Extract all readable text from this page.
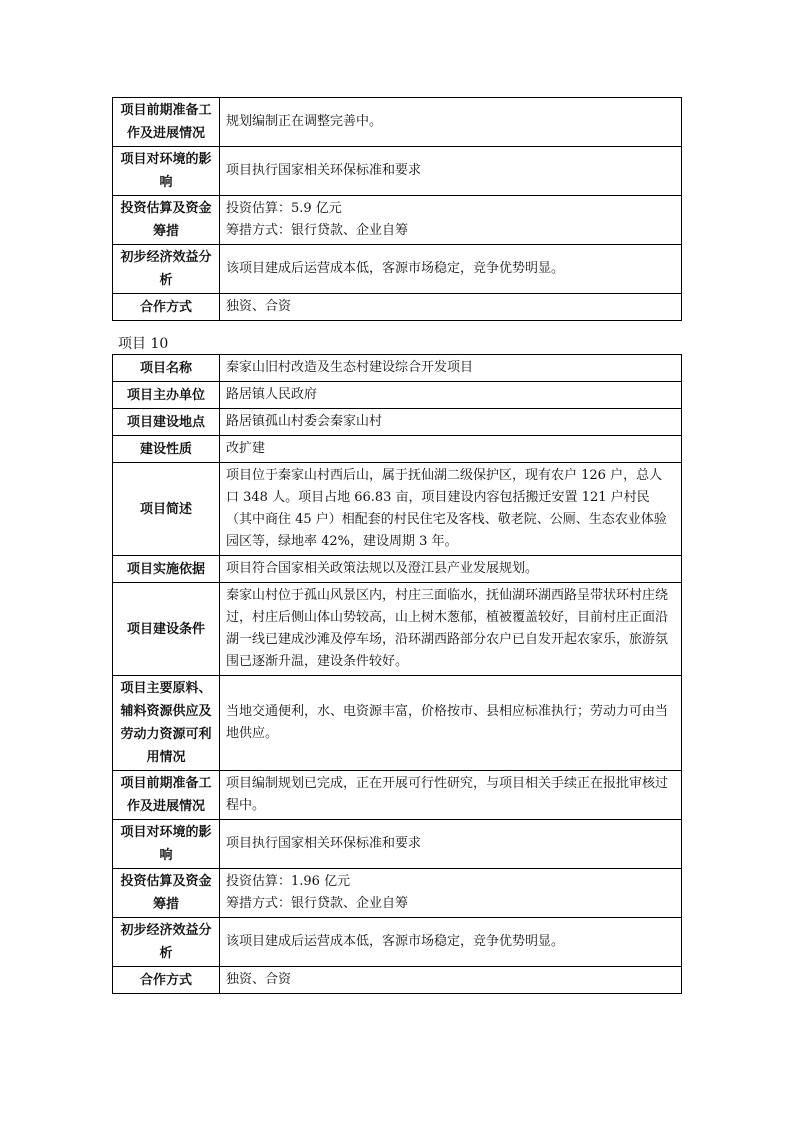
项目前期准备工作及进展情况	规划编制正在调整完善中。

项目对环境的影响	项目执行国家相关环保标准和要求

投资估算及资金筹措	投资估算：5.9 亿元
筹措方式：银行贷款、企业自筹

初步经济效益分析	该项目建成后运营成本低，客源市场稳定，竞争优势明显。

合作方式	独资、合资
项目 10
项目名称	秦家山旧村改造及生态村建设综合开发项目

项目主办单位	路居镇人民政府

项目建设地点	路居镇孤山村委会秦家山村

建设性质	改扩建

项目简述	项目位于秦家山村西后山，属于抚仙湖二级保护区，现有农户 126 户，总人口 348 人。项目占地 66.83 亩，项目建设内容包括搬迁安置 121 户村民（其中商住 45 户）相配套的村民住宅及客栈、敬老院、公厕、生态农业体验园区等，绿地率 42%，建设周期 3 年。

项目实施依据	项目符合国家相关政策法规以及澄江县产业发展规划。

项目建设条件	秦家山村位于孤山风景区内，村庄三面临水，抚仙湖环湖西路呈带状环村庄绕过，村庄后侧山体山势较高，山上树木葱郁，植被覆盖较好，目前村庄正面沿湖一线已建成沙滩及停车场，沿环湖西路部分农户已自发开起农家乐，旅游氛围已逐渐升温，建设条件较好。

项目主要原料、辅料资源供应及劳动力资源可利用情况	当地交通便利，水、电资源丰富，价格按市、县相应标准执行；劳动力可由当地供应。

项目前期准备工作及进展情况	项目编制规划已完成，正在开展可行性研究，与项目相关手续正在报批审核过程中。

项目对环境的影响	项目执行国家相关环保标准和要求

投资估算及资金筹措	投资估算：1.96 亿元
筹措方式：银行贷款、企业自筹

初步经济效益分析	该项目建成后运营成本低，客源市场稳定，竞争优势明显。

合作方式	独资、合资
